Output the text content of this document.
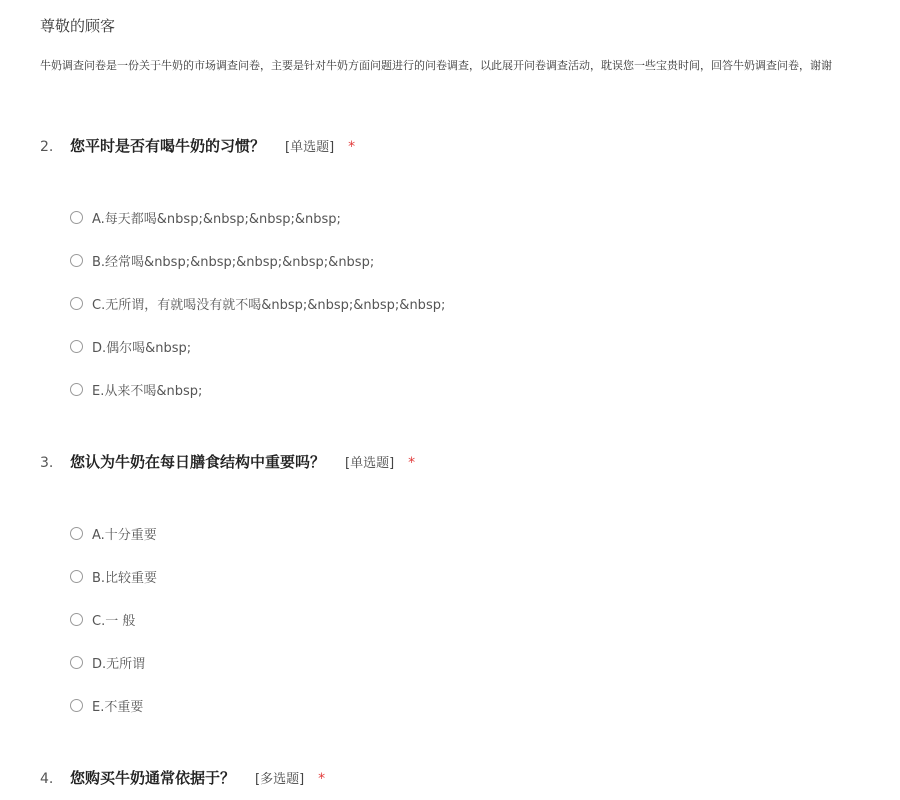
尊敬的顾客
牛奶调查问卷是一份关于牛奶的市场调查问卷，主要是针对牛奶方面问题进行的问卷调查，以此展开问卷调查活动，耽误您一些宝贵时间，回答牛奶调查问卷，谢谢
2.	您平时是否有喝牛奶的习惯？ [单选题] *
A.每天都喝&nbsp;&nbsp;&nbsp;&nbsp;
B.经常喝&nbsp;&nbsp;&nbsp;&nbsp;&nbsp;
C.无所谓，有就喝没有就不喝&nbsp;&nbsp;&nbsp;&nbsp;
D.偶尔喝&nbsp;
E.从来不喝&nbsp;
3.	您认为牛奶在每日膳食结构中重要吗？ [单选题] *
A.十分重要
B.比较重要
C.一 般
D.无所谓
E.不重要
4.	您购买牛奶通常依据于？ [多选题] *
